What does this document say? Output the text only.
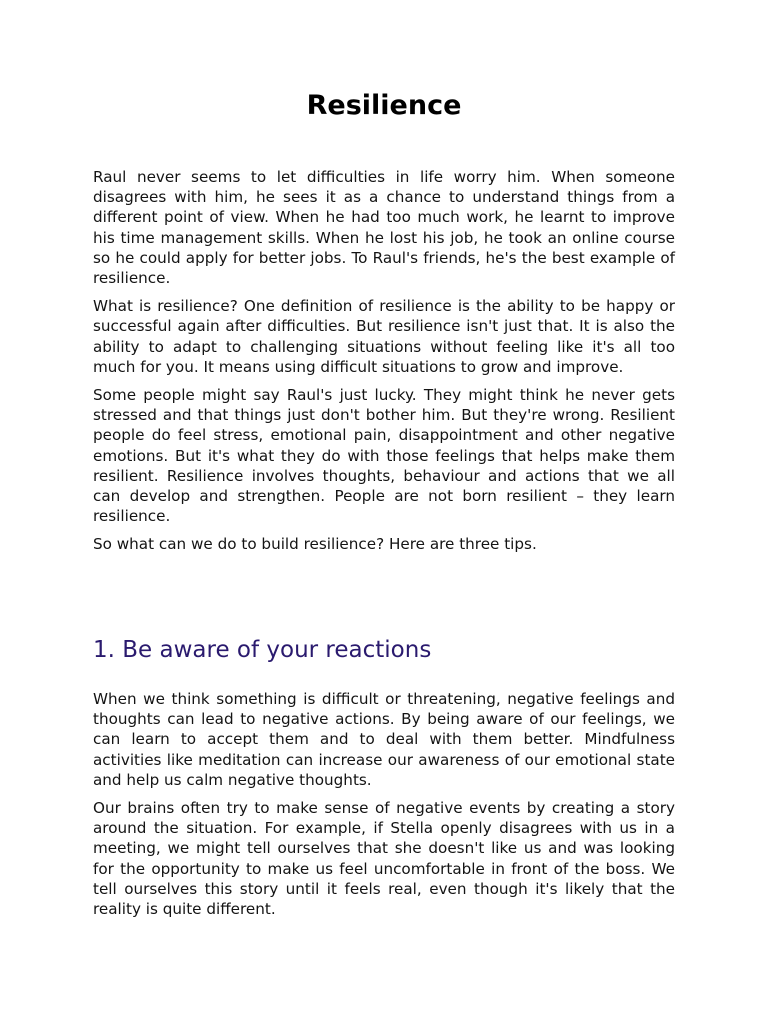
Resilience

Raul never seems to let difficulties in life worry him. When someone disagrees with him, he sees it as a chance to understand things from a different point of view. When he had too much work, he learnt to improve his time management skills. When he lost his job, he took an online course so he could apply for better jobs. To Raul's friends, he's the best example of resilience.

What is resilience? One definition of resilience is the ability to be happy or successful again after difficulties. But resilience isn't just that. It is also the ability to adapt to challenging situations without feeling like it's all too much for you. It means using difficult situations to grow and improve.

Some people might say Raul's just lucky. They might think he never gets stressed and that things just don't bother him. But they're wrong. Resilient people do feel stress, emotional pain, disappointment and other negative emotions. But it's what they do with those feelings that helps make them resilient. Resilience involves thoughts, behaviour and actions that we all can develop and strengthen. People are not born resilient – they learn resilience.

So what can we do to build resilience? Here are three tips.

1. Be aware of your reactions

When we think something is difficult or threatening, negative feelings and thoughts can lead to negative actions. By being aware of our feelings, we can learn to accept them and to deal with them better. Mindfulness activities like meditation can increase our awareness of our emotional state and help us calm negative thoughts.

Our brains often try to make sense of negative events by creating a story around the situation. For example, if Stella openly disagrees with us in a meeting, we might tell ourselves that she doesn't like us and was looking for the opportunity to make us feel uncomfortable in front of the boss. We tell ourselves this story until it feels real, even though it's likely that the reality is quite different.
